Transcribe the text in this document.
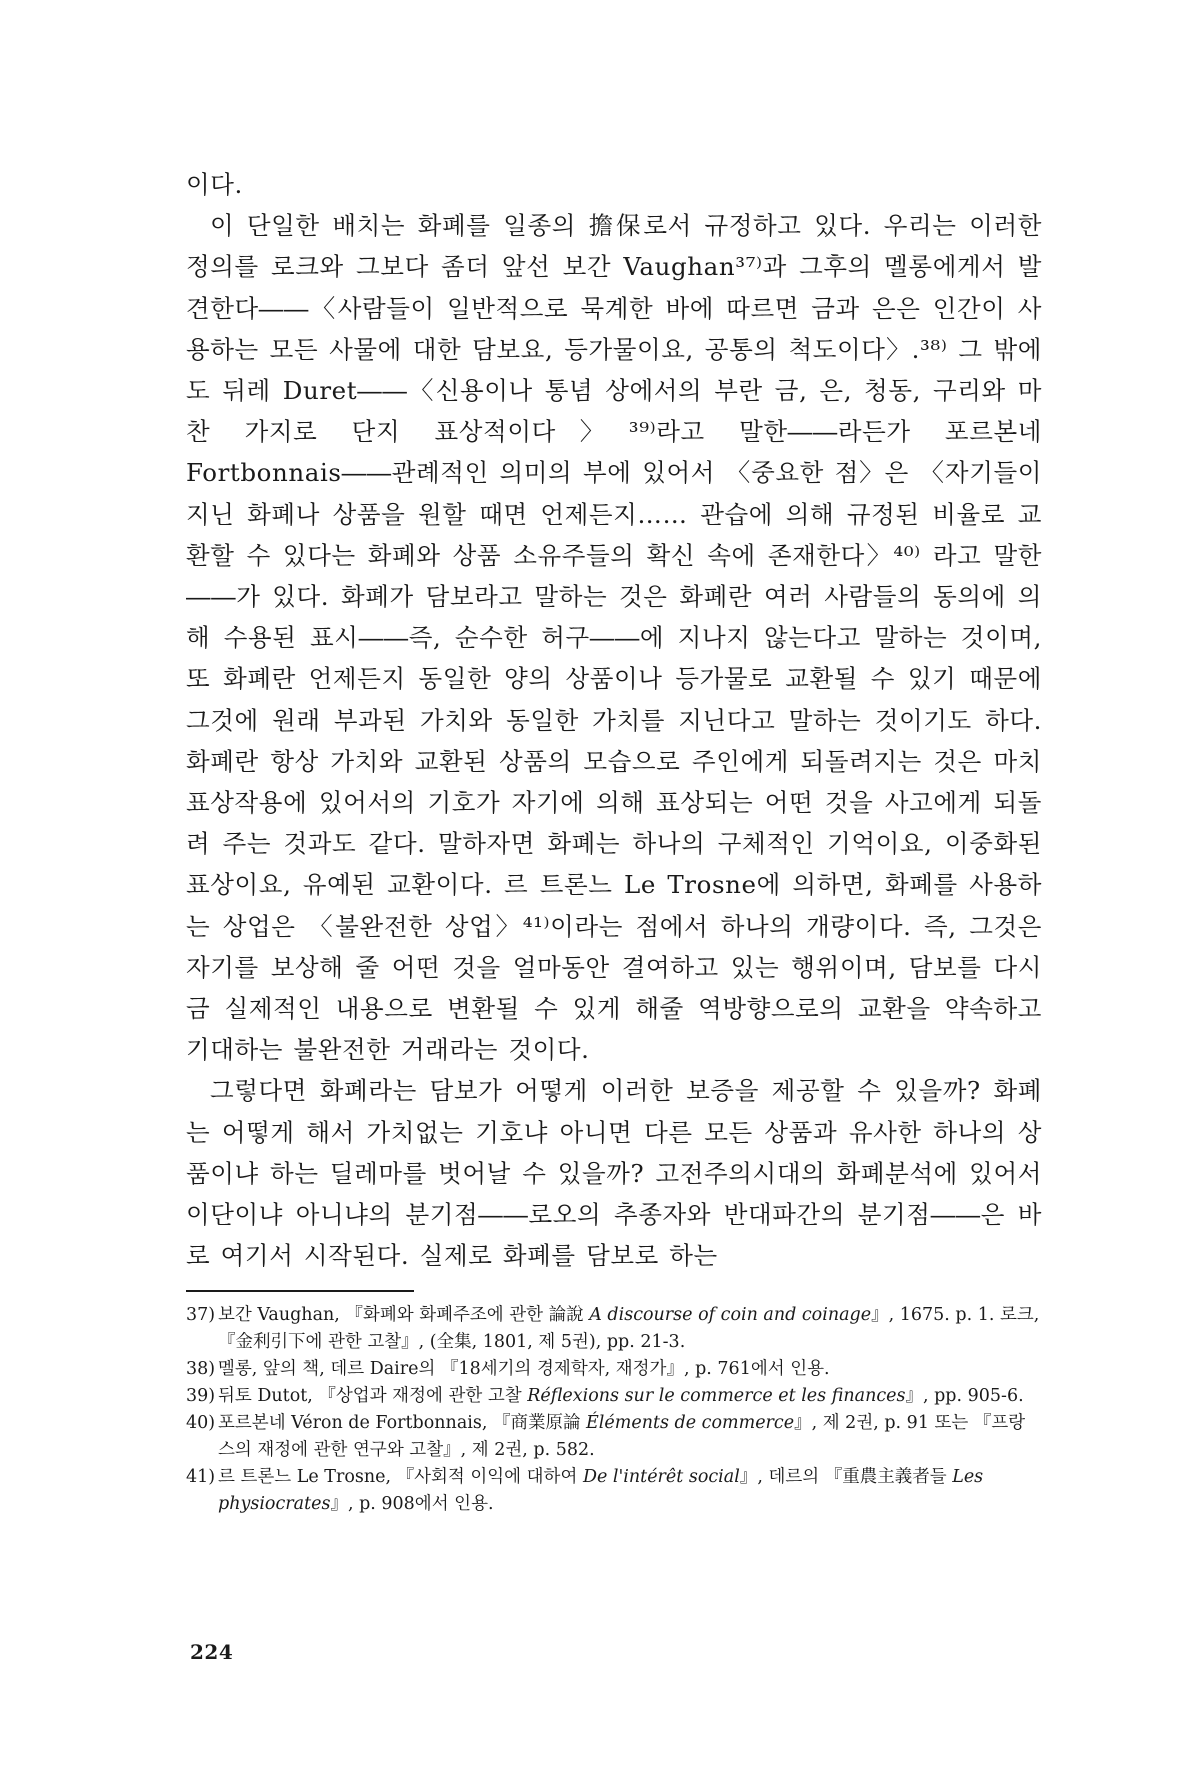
이다.

이 단일한 배치는 화폐를 일종의 擔保로서 규정하고 있다. 우리는 이러한 정의를 로크와 그보다 좀더 앞선 보간 Vaughan³⁷⁾과 그후의 멜롱에게서 발견한다――〈사람들이 일반적으로 묵계한 바에 따르면 금과 은은 인간이 사용하는 모든 사물에 대한 담보요, 등가물이요, 공통의 척도이다〉.³⁸⁾ 그 밖에도 뒤레 Duret――〈신용이나 통념 상에서의 부란 금, 은, 청동, 구리와 마찬 가지로 단지 표상적이다〉³⁹⁾라고 말한――라든가 포르본네 Fortbonnais――관례적인 의미의 부에 있어서 〈중요한 점〉은 〈자기들이 지닌 화폐나 상품을 원할 때면 언제든지…… 관습에 의해 규정된 비율로 교환할 수 있다는 화폐와 상품 소유주들의 확신 속에 존재한다〉⁴⁰⁾ 라고 말한――가 있다. 화폐가 담보라고 말하는 것은 화폐란 여러 사람들의 동의에 의해 수용된 표시――즉, 순수한 허구――에 지나지 않는다고 말하는 것이며, 또 화폐란 언제든지 동일한 양의 상품이나 등가물로 교환될 수 있기 때문에 그것에 원래 부과된 가치와 동일한 가치를 지닌다고 말하는 것이기도 하다. 화폐란 항상 가치와 교환된 상품의 모습으로 주인에게 되돌려지는 것은 마치 표상작용에 있어서의 기호가 자기에 의해 표상되는 어떤 것을 사고에게 되돌려 주는 것과도 같다. 말하자면 화폐는 하나의 구체적인 기억이요, 이중화된 표상이요, 유예된 교환이다. 르 트론느 Le Trosne에 의하면, 화폐를 사용하는 상업은 〈불완전한 상업〉⁴¹⁾이라는 점에서 하나의 개량이다. 즉, 그것은 자기를 보상해 줄 어떤 것을 얼마동안 결여하고 있는 행위이며, 담보를 다시금 실제적인 내용으로 변환될 수 있게 해줄 역방향으로의 교환을 약속하고 기대하는 불완전한 거래라는 것이다.

그렇다면 화폐라는 담보가 어떻게 이러한 보증을 제공할 수 있을까? 화폐는 어떻게 해서 가치없는 기호냐 아니면 다른 모든 상품과 유사한 하나의 상품이냐 하는 딜레마를 벗어날 수 있을까? 고전주의시대의 화폐분석에 있어서 이단이냐 아니냐의 분기점――로오의 추종자와 반대파간의 분기점――은 바로 여기서 시작된다. 실제로 화폐를 담보로 하는

37) 보간 Vaughan, 『화폐와 화폐주조에 관한 論說 A discourse of coin and coinage』, 1675. p. 1. 로크, 『金利引下에 관한 고찰』, (全集, 1801, 제 5권), pp. 21-3.
38) 멜롱, 앞의 책, 데르 Daire의 『18세기의 경제학자, 재정가』, p. 761에서 인용.
39) 뒤토 Dutot, 『상업과 재정에 관한 고찰 Réflexions sur le commerce et les finances』, pp. 905-6.
40) 포르본네 Véron de Fortbonnais, 『商業原論 Éléments de commerce』, 제 2권, p. 91 또는 『프랑스의 재정에 관한 연구와 고찰』, 제 2권, p. 582.
41) 르 트론느 Le Trosne, 『사회적 이익에 대하여 De l'intérêt social』, 데르의 『重農主義者들 Les physiocrates』, p. 908에서 인용.
224
